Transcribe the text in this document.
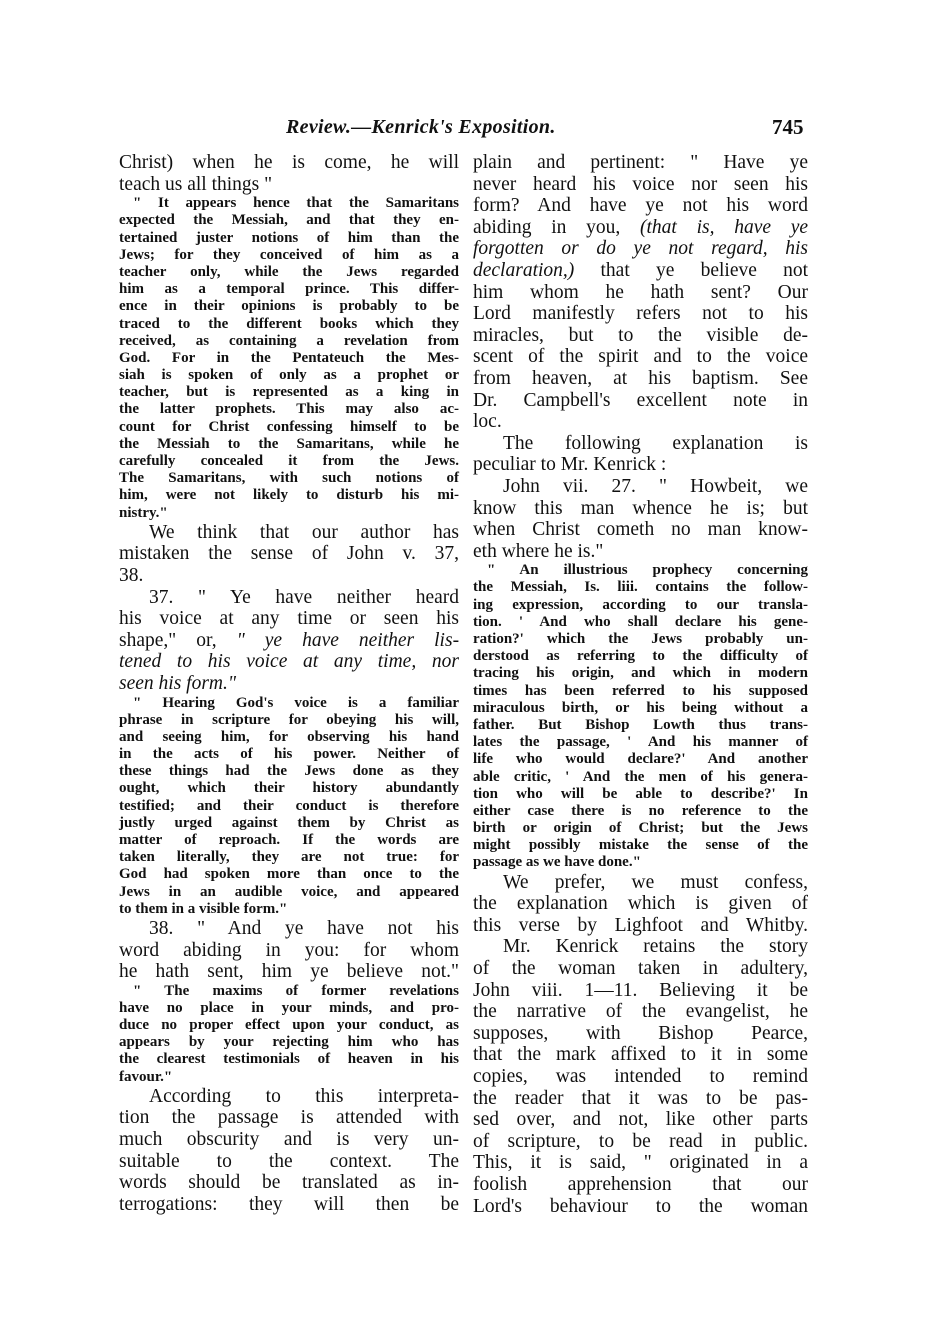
Review.—Kenrick's Exposition.	745
Christ) when he is come, he will
teach us all things "
" It appears hence that the Samaritans
expected the Messiah, and that they en-
tertained juster notions of him than the
Jews; for they conceived of him as a
teacher only, while the Jews regarded
him as a temporal prince. This differ-
ence in their opinions is probably to be
traced to the different books which they
received, as containing a revelation from
God. For in the Pentateuch the Mes-
siah is spoken of only as a prophet or
teacher, but is represented as a king in
the latter prophets. This may also ac-
count for Christ confessing himself to be
the Messiah to the Samaritans, while he
carefully concealed it from the Jews.
The Samaritans, with such notions of
him, were not likely to disturb his mi-
nistry."
We think that our author has
mistaken the sense of John v. 37,
38.
37. " Ye have neither heard
his voice at any time or seen his
shape," or, " ye have neither lis-
tened to his voice at any time, nor
seen his form."
" Hearing God's voice is a familiar
phrase in scripture for obeying his will,
and seeing him, for observing his hand
in the acts of his power. Neither of
these things had the Jews done as they
ought, which their history abundantly
testified; and their conduct is therefore
justly urged against them by Christ as
matter of reproach. If the words are
taken literally, they are not true: for
God had spoken more than once to the
Jews in an audible voice, and appeared
to them in a visible form."
38. " And ye have not his
word abiding in you: for whom
he hath sent, him ye believe not."
" The maxims of former revelations
have no place in your minds, and pro-
duce no proper effect upon your conduct, as
appears by your rejecting him who has
the clearest testimonials of heaven in his
favour."
According to this interpreta-
tion the passage is attended with
much obscurity and is very un-
suitable to the context. The
words should be translated as in-
terrogations: they will then be
plain and pertinent: " Have ye
never heard his voice nor seen his
form? And have ye not his word
abiding in you, (that is, have ye
forgotten or do ye not regard, his
declaration,) that ye believe not
him whom he hath sent? Our
Lord manifestly refers not to his
miracles, but to the visible de-
scent of the spirit and to the voice
from heaven, at his baptism. See
Dr. Campbell's excellent note in
loc.
The following explanation is
peculiar to Mr. Kenrick :
John vii. 27. " Howbeit, we
know this man whence he is; but
when Christ cometh no man know-
eth where he is."
" An illustrious prophecy concerning
the Messiah, Is. liii. contains the follow-
ing expression, according to our transla-
tion. ' And who shall declare his gene-
ration?' which the Jews probably un-
derstood as referring to the difficulty of
tracing his origin, and which in modern
times has been referred to his supposed
miraculous birth, or his being without a
father. But Bishop Lowth thus trans-
lates the passage, ' And his manner of
life who would declare?' And another
able critic, ' And the men of his genera-
tion who will be able to describe?' In
either case there is no reference to the
birth or origin of Christ; but the Jews
might possibly mistake the sense of the
passage as we have done."
We prefer, we must confess,
the explanation which is given of
this verse by Lighfoot and Whitby.
Mr. Kenrick retains the story
of the woman taken in adultery,
John viii. 1—11. Believing it be
the narrative of the evangelist, he
supposes, with Bishop Pearce,
that the mark affixed to it in some
copies, was intended to remind
the reader that it was to be pas-
sed over, and not, like other parts
of scripture, to be read in public.
This, it is said, " originated in a
foolish apprehension that our
Lord's behaviour to the woman
